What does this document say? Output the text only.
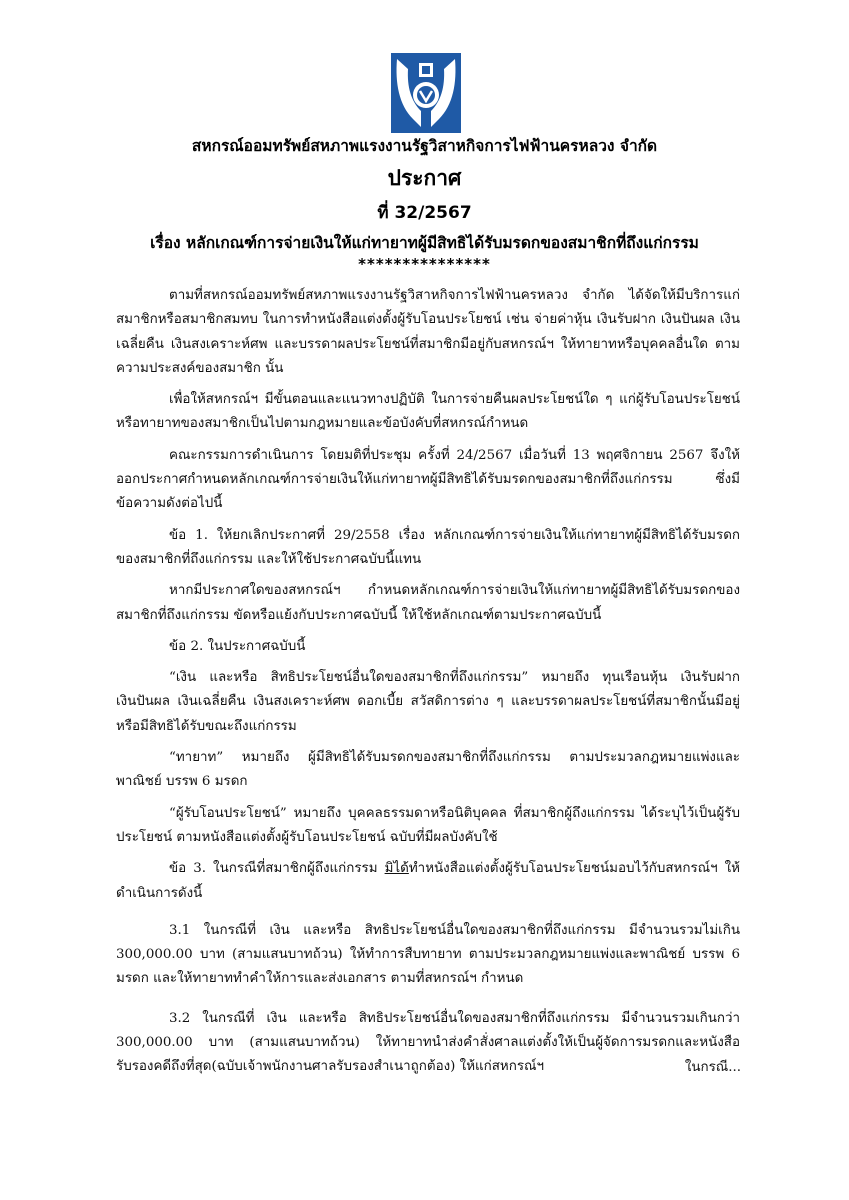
สหกรณ์ออมทรัพย์สหภาพแรงงานรัฐวิสาหกิจการไฟฟ้านครหลวง จำกัด
ประกาศ
ที่ 32/2567
เรื่อง หลักเกณฑ์การจ่ายเงินให้แก่ทายาทผู้มีสิทธิได้รับมรดกของสมาชิกที่ถึงแก่กรรม
***************

ตามที่สหกรณ์ออมทรัพย์สหภาพแรงงานรัฐวิสาหกิจการไฟฟ้านครหลวง จำกัด ได้จัดให้มีบริการแก่สมาชิกหรือสมาชิกสมทบ ในการทำหนังสือแต่งตั้งผู้รับโอนประโยชน์ เช่น จ่ายค่าหุ้น เงินรับฝาก เงินปันผล เงินเฉลี่ยคืน เงินสงเคราะห์ศพ และบรรดาผลประโยชน์ที่สมาชิกมีอยู่กับสหกรณ์ฯ ให้ทายาทหรือบุคคลอื่นใด ตามความประสงค์ของสมาชิก นั้น

เพื่อให้สหกรณ์ฯ มีขั้นตอนและแนวทางปฏิบัติ ในการจ่ายคืนผลประโยชน์ใด ๆ แก่ผู้รับโอนประโยชน์ หรือทายาทของสมาชิกเป็นไปตามกฎหมายและข้อบังคับที่สหกรณ์กำหนด

คณะกรรมการดำเนินการ โดยมติที่ประชุม ครั้งที่ 24/2567 เมื่อวันที่ 13 พฤศจิกายน 2567 จึงให้ออกประกาศกำหนดหลักเกณฑ์การจ่ายเงินให้แก่ทายาทผู้มีสิทธิได้รับมรดกของสมาชิกที่ถึงแก่กรรม ซึ่งมีข้อความดังต่อไปนี้

ข้อ 1. ให้ยกเลิกประกาศที่ 29/2558 เรื่อง หลักเกณฑ์การจ่ายเงินให้แก่ทายาทผู้มีสิทธิได้รับมรดกของสมาชิกที่ถึงแก่กรรม และให้ใช้ประกาศฉบับนี้แทน

หากมีประกาศใดของสหกรณ์ฯ กำหนดหลักเกณฑ์การจ่ายเงินให้แก่ทายาทผู้มีสิทธิได้รับมรดกของสมาชิกที่ถึงแก่กรรม ขัดหรือแย้งกับประกาศฉบับนี้ ให้ใช้หลักเกณฑ์ตามประกาศฉบับนี้

ข้อ 2. ในประกาศฉบับนี้

“เงิน และหรือ สิทธิประโยชน์อื่นใดของสมาชิกที่ถึงแก่กรรม” หมายถึง ทุนเรือนหุ้น เงินรับฝาก เงินปันผล เงินเฉลี่ยคืน เงินสงเคราะห์ศพ ดอกเบี้ย สวัสดิการต่าง ๆ และบรรดาผลประโยชน์ที่สมาชิกนั้นมีอยู่หรือมีสิทธิได้รับขณะถึงแก่กรรม

“ทายาท” หมายถึง ผู้มีสิทธิได้รับมรดกของสมาชิกที่ถึงแก่กรรม ตามประมวลกฎหมายแพ่งและพาณิชย์ บรรพ 6 มรดก

“ผู้รับโอนประโยชน์” หมายถึง บุคคลธรรมดาหรือนิติบุคคล ที่สมาชิกผู้ถึงแก่กรรม ได้ระบุไว้เป็นผู้รับประโยชน์ ตามหนังสือแต่งตั้งผู้รับโอนประโยชน์ ฉบับที่มีผลบังคับใช้

ข้อ 3. ในกรณีที่สมาชิกผู้ถึงแก่กรรม มิได้ทำหนังสือแต่งตั้งผู้รับโอนประโยชน์มอบไว้กับสหกรณ์ฯ ให้ดำเนินการดังนี้

3.1 ในกรณีที่ เงิน และหรือ สิทธิประโยชน์อื่นใดของสมาชิกที่ถึงแก่กรรม มีจำนวนรวมไม่เกิน 300,000.00 บาท (สามแสนบาทถ้วน) ให้ทำการสืบทายาท ตามประมวลกฎหมายแพ่งและพาณิชย์ บรรพ 6 มรดก และให้ทายาททำคำให้การและส่งเอกสาร ตามที่สหกรณ์ฯ กำหนด

3.2 ในกรณีที่ เงิน และหรือ สิทธิประโยชน์อื่นใดของสมาชิกที่ถึงแก่กรรม มีจำนวนรวมเกินกว่า 300,000.00 บาท (สามแสนบาทถ้วน) ให้ทายาทนำส่งคำสั่งศาลแต่งตั้งให้เป็นผู้จัดการมรดกและหนังสือรับรองคดีถึงที่สุด(ฉบับเจ้าพนักงานศาลรับรองสำเนาถูกต้อง) ให้แก่สหกรณ์ฯ	ในกรณี...
